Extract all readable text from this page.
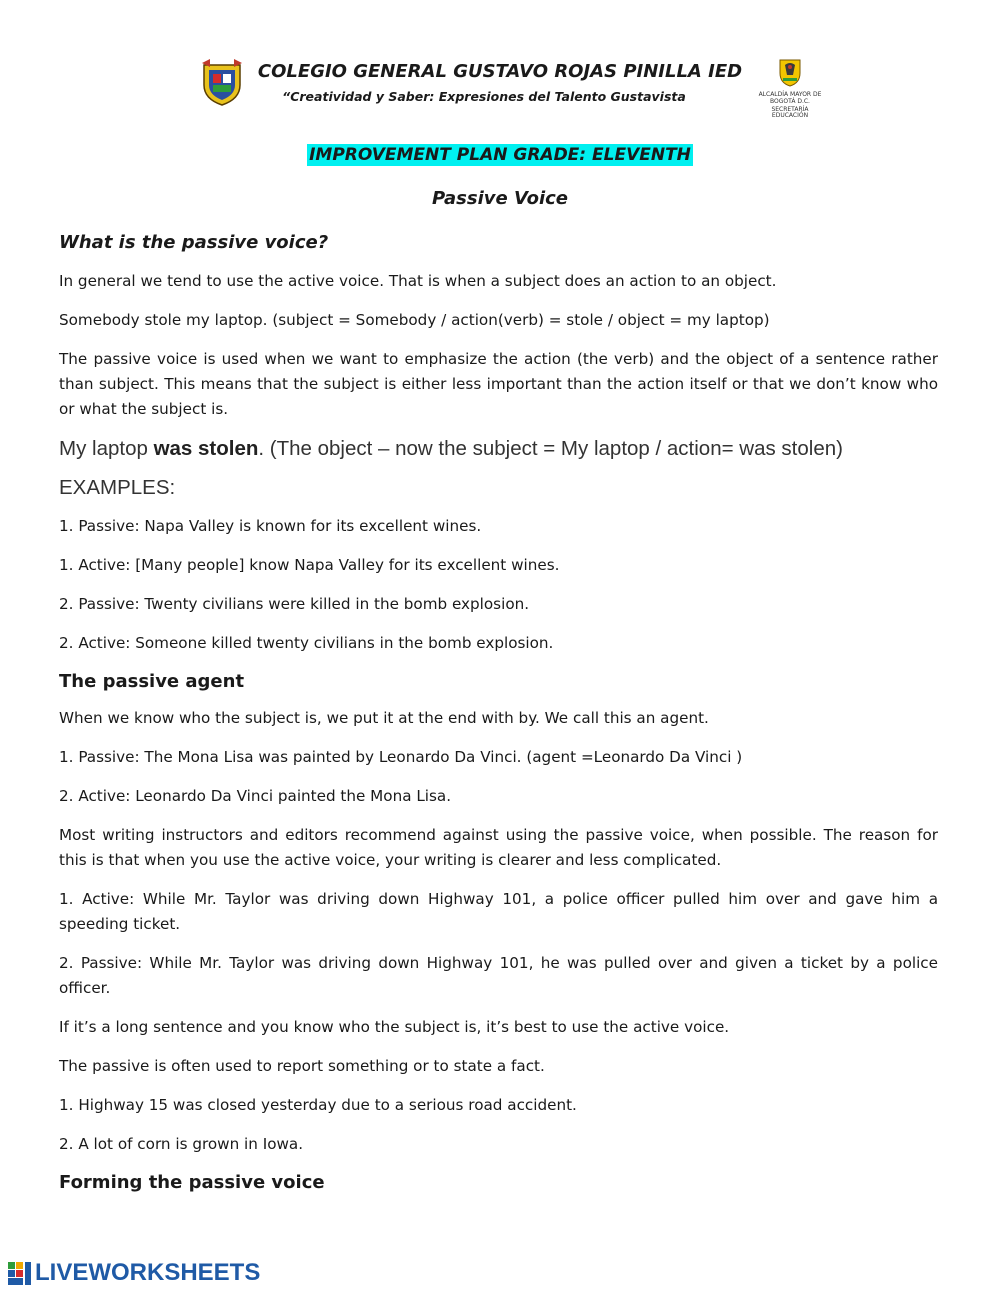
COLEGIO GENERAL GUSTAVO ROJAS PINILLA IED
“Creatividad y Saber: Expresiones del Talento Gustavista	ALCALDÍA MAYOR DE BOGOTÁ D.C.
SECRETARÍA EDUCACIÓN
IMPROVEMENT PLAN GRADE: ELEVENTH
Passive Voice
What is the passive voice?
In general we tend to use the active voice. That is when a subject does an action to an object.
Somebody stole my laptop. (subject = Somebody / action(verb) = stole / object = my laptop)
The passive voice is used when we want to emphasize the action (the verb) and the object of a sentence rather than subject. This means that the subject is either less important than the action itself or that we don’t know who or what the subject is.
My laptop was stolen. (The object – now the subject = My laptop / action= was stolen)
EXAMPLES:
1. Passive: Napa Valley is known for its excellent wines.
1. Active: [Many people] know Napa Valley for its excellent wines.
2. Passive: Twenty civilians were killed in the bomb explosion.
2. Active: Someone killed twenty civilians in the bomb explosion.
The passive agent
When we know who the subject is, we put it at the end with by. We call this an agent.
1. Passive: The Mona Lisa was painted by Leonardo Da Vinci. (agent =Leonardo Da Vinci )
2. Active: Leonardo Da Vinci painted the Mona Lisa.
Most writing instructors and editors recommend against using the passive voice, when possible. The reason for this is that when you use the active voice, your writing is clearer and less complicated.
1. Active: While Mr. Taylor was driving down Highway 101, a police officer pulled him over and gave him a speeding ticket.
2. Passive: While Mr. Taylor was driving down Highway 101, he was pulled over and given a ticket by a police officer.
If it’s a long sentence and you know who the subject is, it’s best to use the active voice.
The passive is often used to report something or to state a fact.
1. Highway 15 was closed yesterday due to a serious road accident.
2. A lot of corn is grown in Iowa.
Forming the passive voice
LIVEWORKSHEETS
